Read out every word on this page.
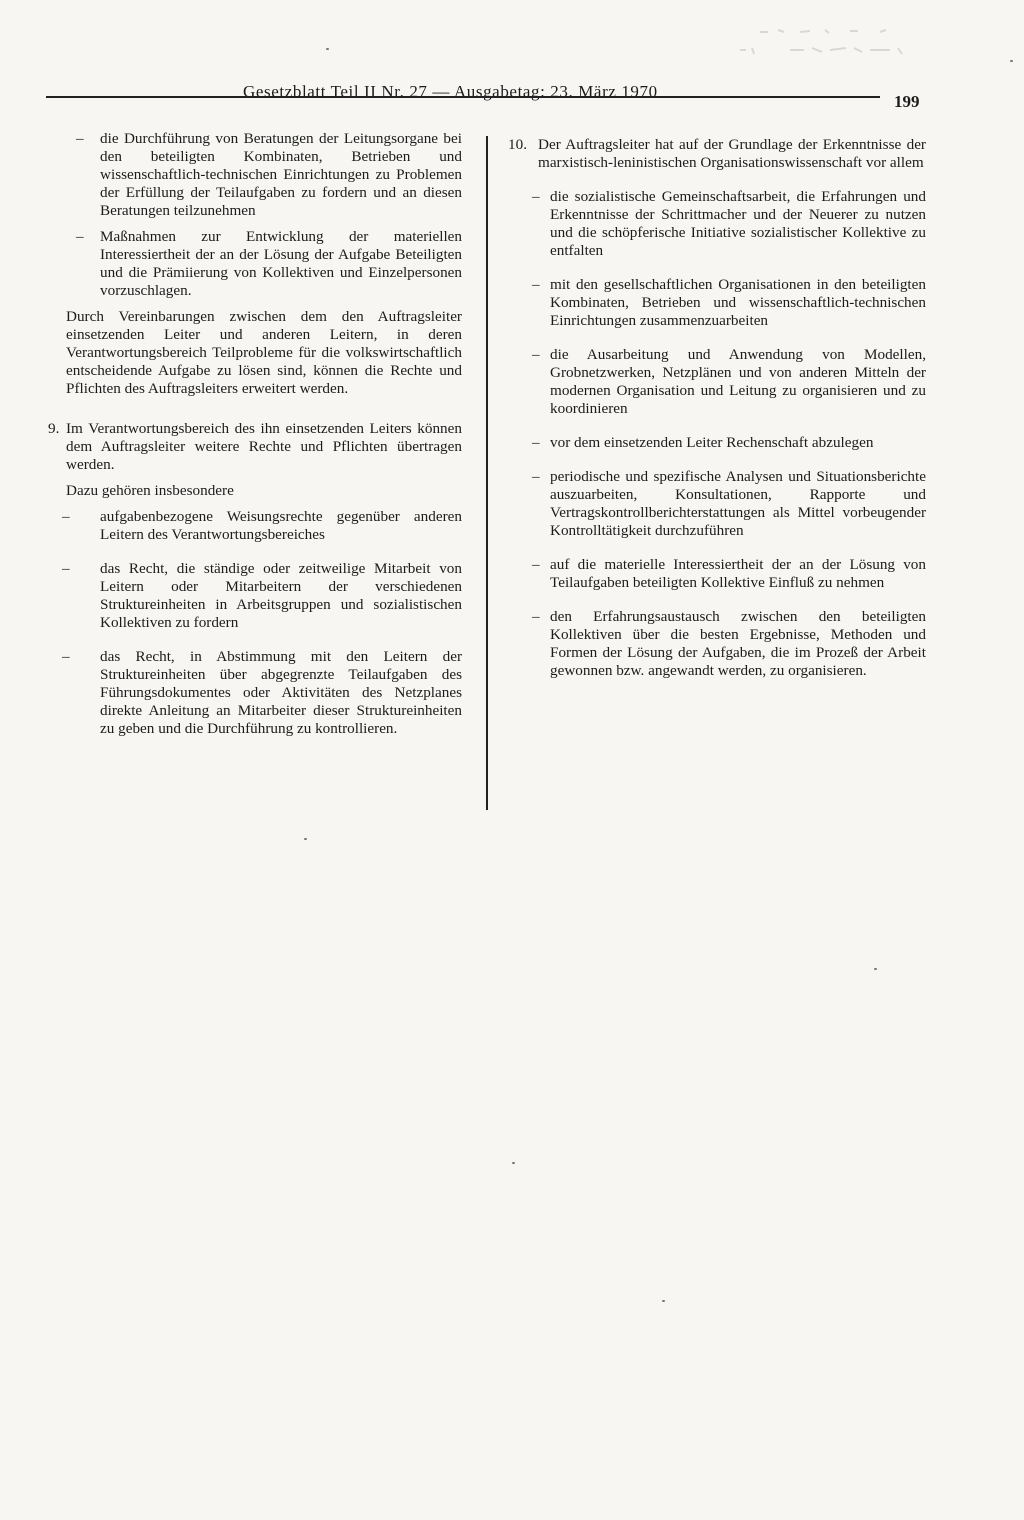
Gesetzblatt Teil II Nr. 27 — Ausgabetag: 23. März 1970
199
– die Durchführung von Beratungen der Leitungsorgane bei den beteiligten Kombinaten, Betrieben und wissenschaftlich-technischen Einrichtungen zu Problemen der Erfüllung der Teilaufgaben zu fordern und an diesen Beratungen teilzunehmen
– Maßnahmen zur Entwicklung der materiellen Interessiertheit der an der Lösung der Aufgabe Beteiligten und die Prämiierung von Kollektiven und Einzelpersonen vorzuschlagen.
Durch Vereinbarungen zwischen dem den Auftragsleiter einsetzenden Leiter und anderen Leitern, in deren Verantwortungsbereich Teilprobleme für die volkswirtschaftlich entscheidende Aufgabe zu lösen sind, können die Rechte und Pflichten des Auftragsleiters erweitert werden.
9. Im Verantwortungsbereich des ihn einsetzenden Leiters können dem Auftragsleiter weitere Rechte und Pflichten übertragen werden.
Dazu gehören insbesondere
– aufgabenbezogene Weisungsrechte gegenüber anderen Leitern des Verantwortungsbereiches
– das Recht, die ständige oder zeitweilige Mitarbeit von Leitern oder Mitarbeitern der verschiedenen Struktureinheiten in Arbeitsgruppen und sozialistischen Kollektiven zu fordern
– das Recht, in Abstimmung mit den Leitern der Struktureinheiten über abgegrenzte Teilaufgaben des Führungsdokumentes oder Aktivitäten des Netzplanes direkte Anleitung an Mitarbeiter dieser Struktureinheiten zu geben und die Durchführung zu kontrollieren.
10. Der Auftragsleiter hat auf der Grundlage der Erkenntnisse der marxistisch-leninistischen Organisationswissenschaft vor allem
– die sozialistische Gemeinschaftsarbeit, die Erfahrungen und Erkenntnisse der Schrittmacher und der Neuerer zu nutzen und die schöpferische Initiative sozialistischer Kollektive zu entfalten
– mit den gesellschaftlichen Organisationen in den beteiligten Kombinaten, Betrieben und wissenschaftlich-technischen Einrichtungen zusammenzuarbeiten
– die Ausarbeitung und Anwendung von Modellen, Grobnetzwerken, Netzplänen und von anderen Mitteln der modernen Organisation und Leitung zu organisieren und zu koordinieren
– vor dem einsetzenden Leiter Rechenschaft abzulegen
– periodische und spezifische Analysen und Situationsberichte auszuarbeiten, Konsultationen, Rapporte und Vertragskontrollberichterstattungen als Mittel vorbeugender Kontrolltätigkeit durchzuführen
– auf die materielle Interessiertheit der an der Lösung von Teilaufgaben beteiligten Kollektive Einfluß zu nehmen
– den Erfahrungsaustausch zwischen den beteiligten Kollektiven über die besten Ergebnisse, Methoden und Formen der Lösung der Aufgaben, die im Prozeß der Arbeit gewonnen bzw. angewandt werden, zu organisieren.
